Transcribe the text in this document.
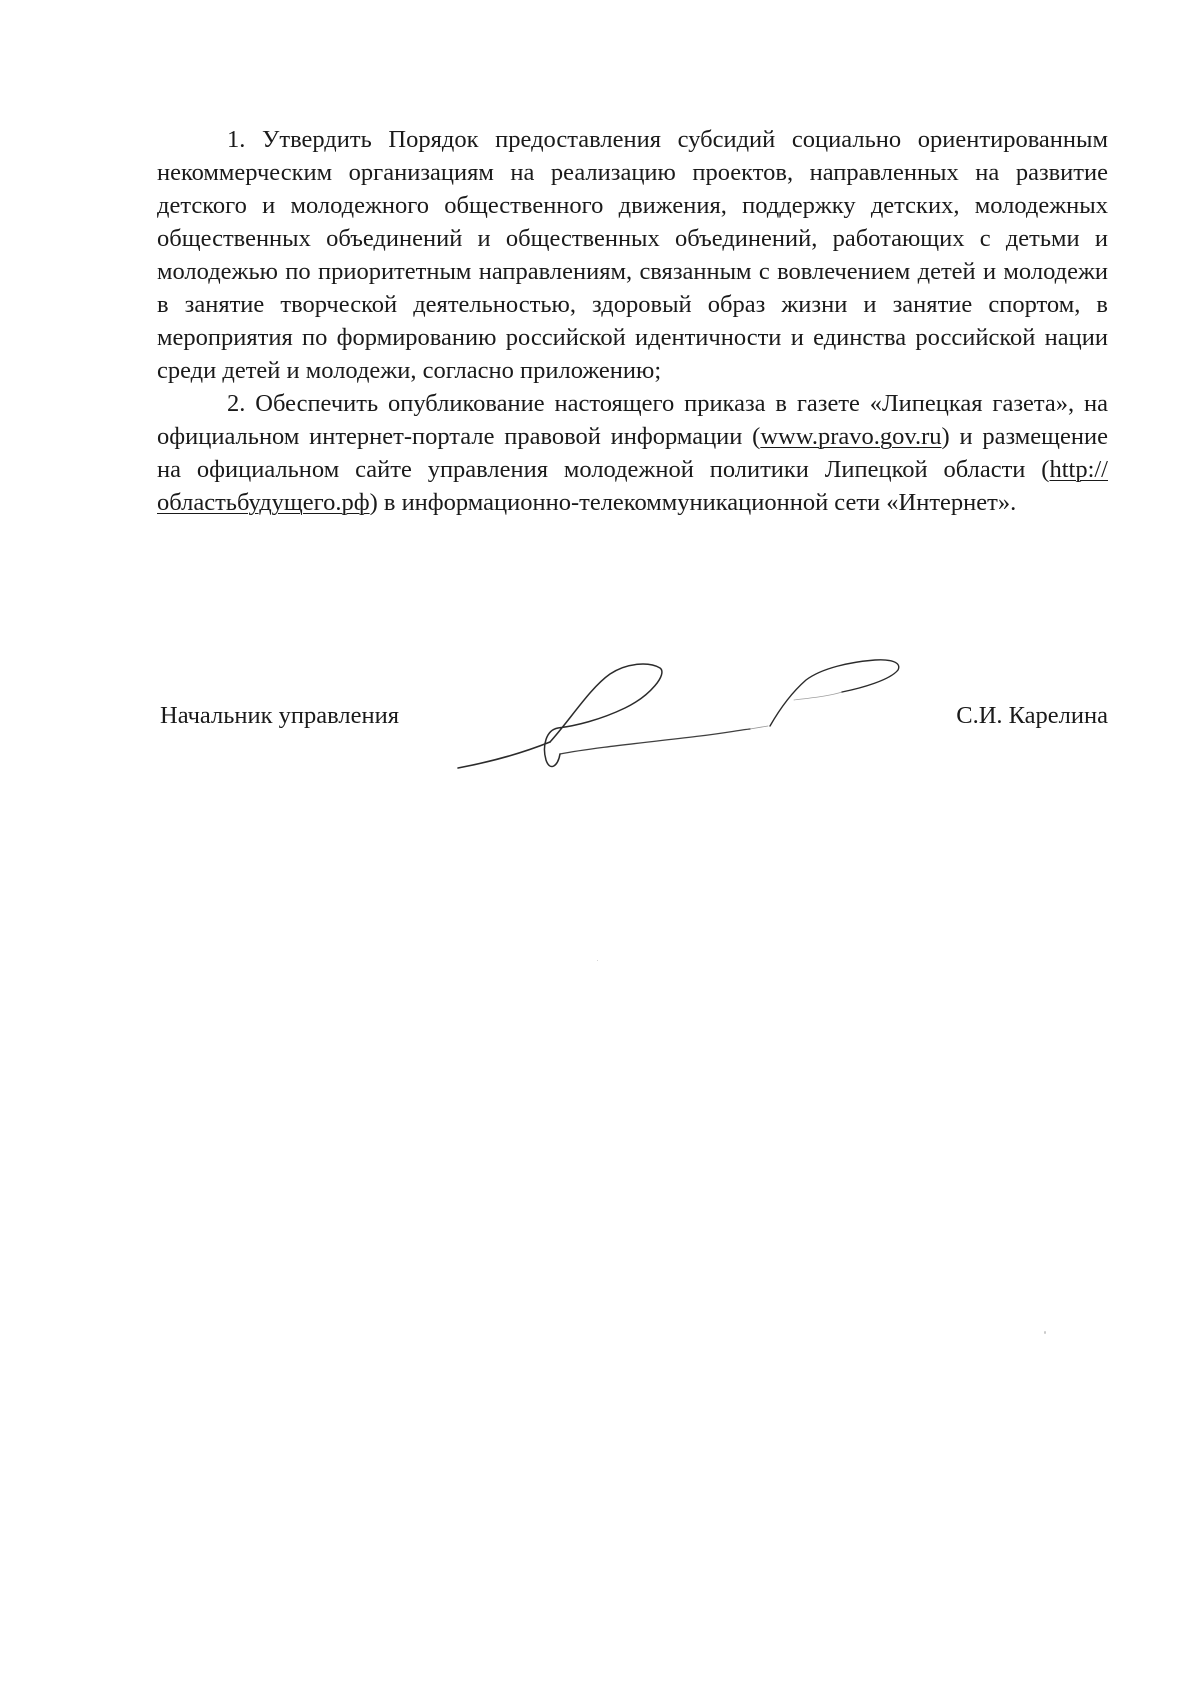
1. Утвердить Порядок предоставления субсидий социально ориентированным некоммерческим организациям на реализацию проектов, направленных на развитие детского и молодежного общественного движения, поддержку детских, молодежных общественных объединений и общественных объединений, работающих с детьми и молодежью по приоритетным направлениям, связанным с вовлечением детей и молодежи в занятие творческой деятельностью, здоровый образ жизни и занятие спортом, в мероприятия по формированию российской идентичности и единства российской нации среди детей и молодежи, согласно приложению;

2. Обеспечить опубликование настоящего приказа в газете «Липецкая газета», на официальном интернет-портале правовой информации (www.pravo.gov.ru) и размещение на официальном сайте управления молодежной политики Липецкой области (http://областьбудущего.рф) в информационно-телекоммуникационной сети «Интернет».

Начальник управления	С.И. Карелина
